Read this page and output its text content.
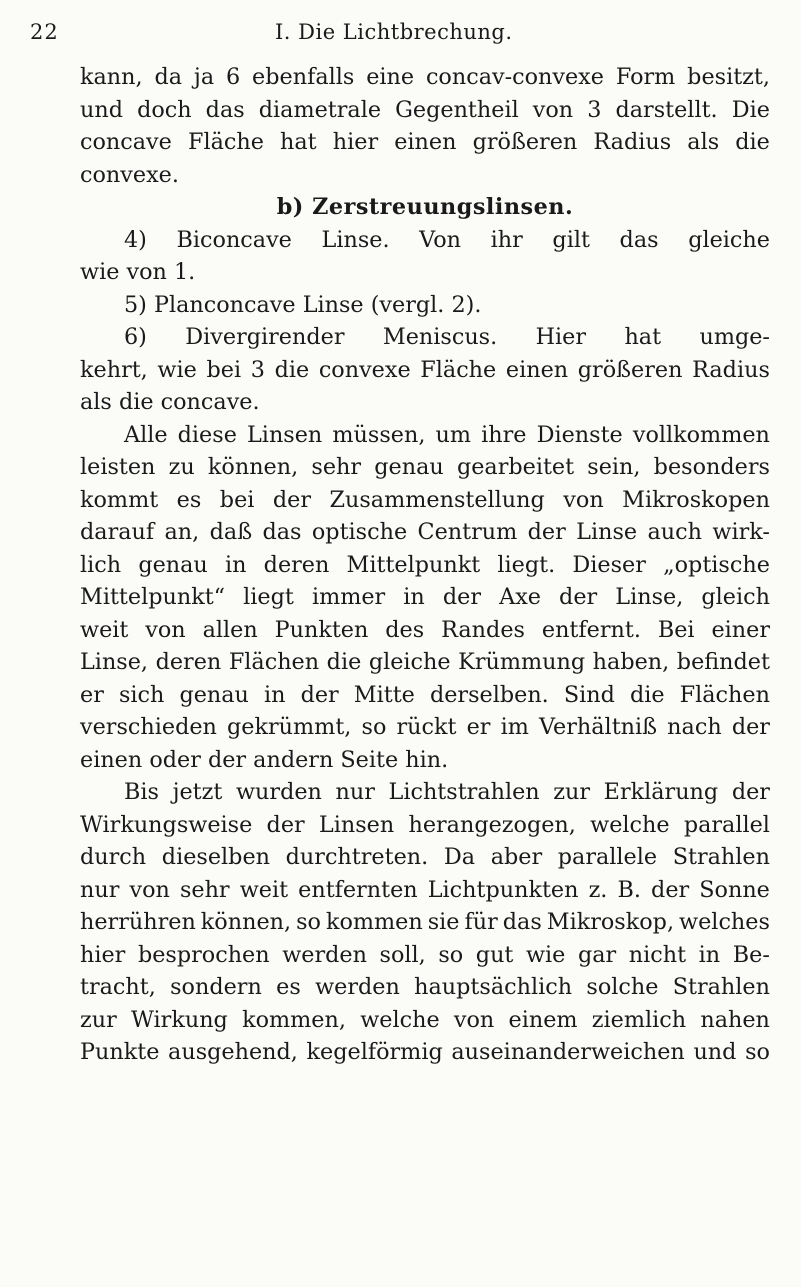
22	I. Die Lichtbrechung.
kann, da ja 6 ebenfalls eine concav-convexe Form besitzt,
und doch das diametrale Gegentheil von 3 darstellt. Die
concave Fläche hat hier einen größeren Radius als die
convexe.
b) Zerstreuungslinsen.
4) Biconcave Linse. Von ihr gilt das gleiche
wie von 1.
5) Planconcave Linse (vergl. 2).
6) Divergirender Meniscus. Hier hat umge-
kehrt, wie bei 3 die convexe Fläche einen größeren Radius
als die concave.
Alle diese Linsen müssen, um ihre Dienste vollkommen
leisten zu können, sehr genau gearbeitet sein, besonders
kommt es bei der Zusammenstellung von Mikroskopen
darauf an, daß das optische Centrum der Linse auch wirk-
lich genau in deren Mittelpunkt liegt. Dieser „optische
Mittelpunkt“ liegt immer in der Axe der Linse, gleich
weit von allen Punkten des Randes entfernt. Bei einer
Linse, deren Flächen die gleiche Krümmung haben, befindet
er sich genau in der Mitte derselben. Sind die Flächen
verschieden gekrümmt, so rückt er im Verhältniß nach der
einen oder der andern Seite hin.
Bis jetzt wurden nur Lichtstrahlen zur Erklärung der
Wirkungsweise der Linsen herangezogen, welche parallel
durch dieselben durchtreten. Da aber parallele Strahlen
nur von sehr weit entfernten Lichtpunkten z. B. der Sonne
herrühren können, so kommen sie für das Mikroskop, welches
hier besprochen werden soll, so gut wie gar nicht in Be-
tracht, sondern es werden hauptsächlich solche Strahlen
zur Wirkung kommen, welche von einem ziemlich nahen
Punkte ausgehend, kegelförmig auseinanderweichen und so
